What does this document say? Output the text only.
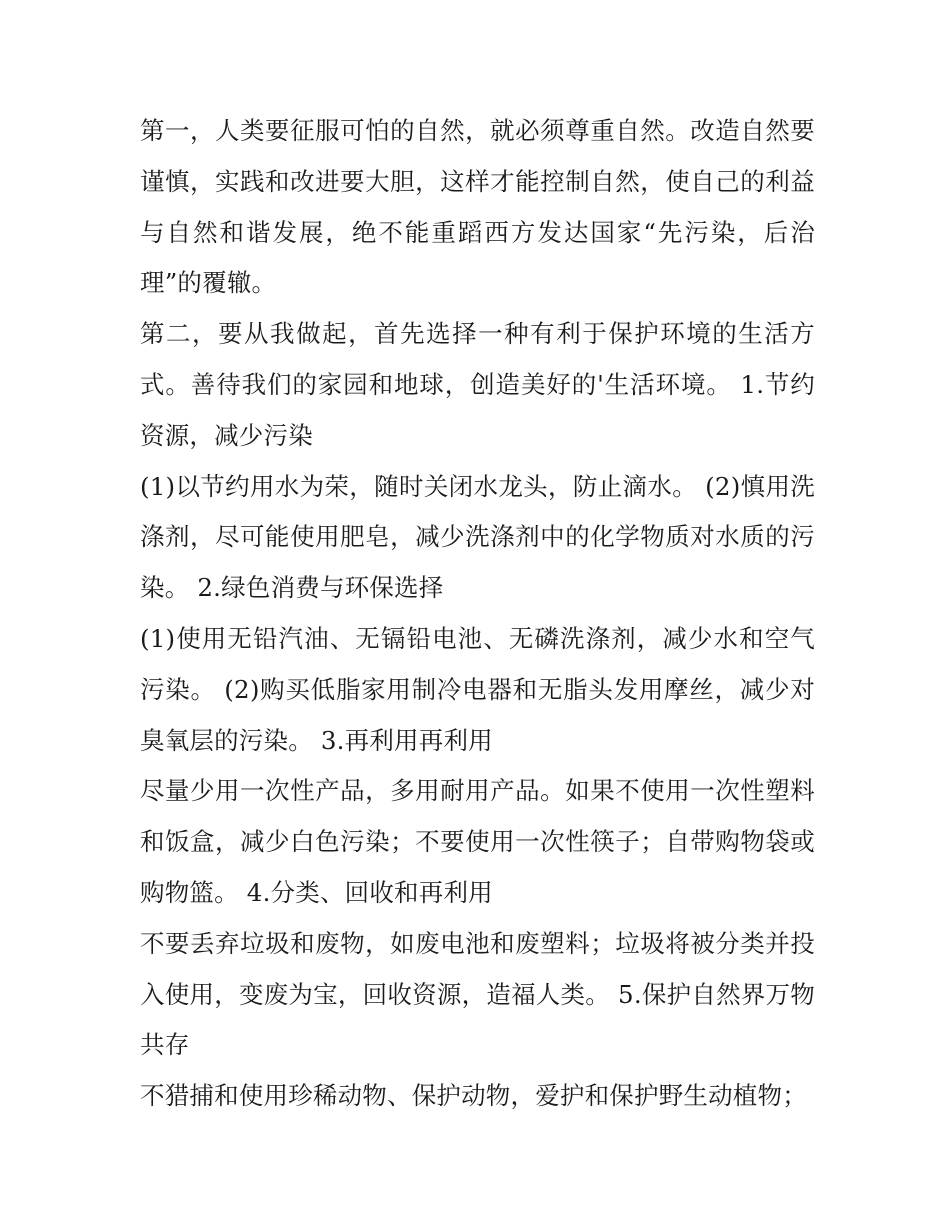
第一，人类要征服可怕的自然，就必须尊重自然。改造自然要谨慎，实践和改进要大胆，这样才能控制自然，使自己的利益与自然和谐发展，绝不能重蹈西方发达国家“先污染，后治理”的覆辙。

第二，要从我做起，首先选择一种有利于保护环境的生活方式。善待我们的家园和地球，创造美好的'生活环境。 1.节约资源，减少污染

(1)以节约用水为荣，随时关闭水龙头，防止滴水。 (2)慎用洗涤剂，尽可能使用肥皂，减少洗涤剂中的化学物质对水质的污染。 2.绿色消费与环保选择

(1)使用无铅汽油、无镉铅电池、无磷洗涤剂，减少水和空气污染。 (2)购买低脂家用制冷电器和无脂头发用摩丝，减少对臭氧层的污染。 3.再利用再利用

尽量少用一次性产品，多用耐用产品。如果不使用一次性塑料和饭盒，减少白色污染；不要使用一次性筷子；自带购物袋或购物篮。 4.分类、回收和再利用

不要丢弃垃圾和废物，如废电池和废塑料；垃圾将被分类并投入使用，变废为宝，回收资源，造福人类。 5.保护自然界万物共存

不猎捕和使用珍稀动物、保护动物，爱护和保护野生动植物；
